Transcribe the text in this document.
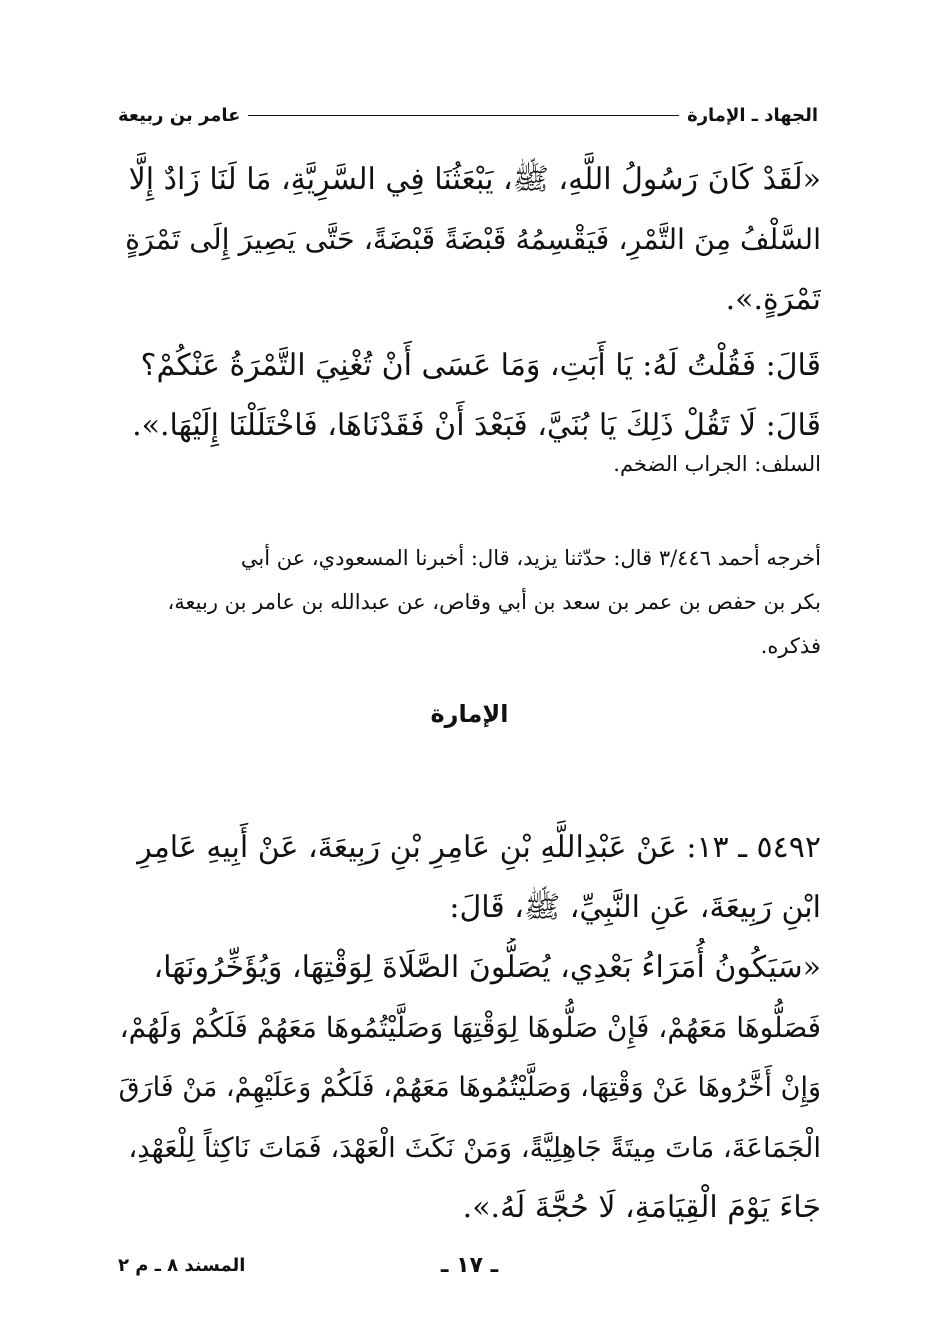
الجهاد ـ الإمارة
عامر بن ربيعة
«لَقَدْ كَانَ رَسُولُ اللَّهِ، ﷺ، يَبْعَثُنَا فِي السَّرِيَّةِ، مَا لَنَا زَادٌ إِلَّا
السَّلْفُ مِنَ التَّمْرِ، فَيَقْسِمُهُ قَبْضَةً قَبْضَةً، حَتَّى يَصِيرَ إِلَى تَمْرَةٍ
تَمْرَةٍ.».
قَالَ: فَقُلْتُ لَهُ: يَا أَبَتِ، وَمَا عَسَى أَنْ تُغْنِيَ التَّمْرَةُ عَنْكُمْ؟
قَالَ: لَا تَقُلْ ذَلِكَ يَا بُنَيَّ، فَبَعْدَ أَنْ فَقَدْنَاهَا، فَاخْتَلَلْنَا إِلَيْهَا.».
السلف: الجراب الضخم.
أخرجه أحمد ٣/٤٤٦ قال: حدّثنا يزيد، قال: أخبرنا المسعودي، عن أبي
بكر بن حفص بن عمر بن سعد بن أبي وقاص، عن عبدالله بن عامر بن ربيعة،
فذكره.
الإمارة
٥٤٩٢ ـ ١٣: عَنْ عَبْدِاللَّهِ بْنِ عَامِرِ بْنِ رَبِيعَةَ، عَنْ أَبِيهِ عَامِرِ
ابْنِ رَبِيعَةَ، عَنِ النَّبِيِّ، ﷺ، قَالَ:
«سَيَكُونُ أُمَرَاءُ بَعْدِي، يُصَلُّونَ الصَّلَاةَ لِوَقْتِهَا، وَيُؤَخِّرُونَهَا،
فَصَلُّوهَا مَعَهُمْ، فَإِنْ صَلُّوهَا لِوَقْتِهَا وَصَلَّيْتُمُوهَا مَعَهُمْ فَلَكُمْ وَلَهُمْ،
وَإِنْ أَخَّرُوهَا عَنْ وَقْتِهَا، وَصَلَّيْتُمُوهَا مَعَهُمْ، فَلَكُمْ وَعَلَيْهِمْ، مَنْ فَارَقَ
الْجَمَاعَةَ، مَاتَ مِيتَةً جَاهِلِيَّةً، وَمَنْ نَكَثَ الْعَهْدَ، فَمَاتَ نَاكِثاً لِلْعَهْدِ،
جَاءَ يَوْمَ الْقِيَامَةِ، لَا حُجَّةَ لَهُ.».
ـ ١٧ ـ
المسند ٨ ـ م ٢
